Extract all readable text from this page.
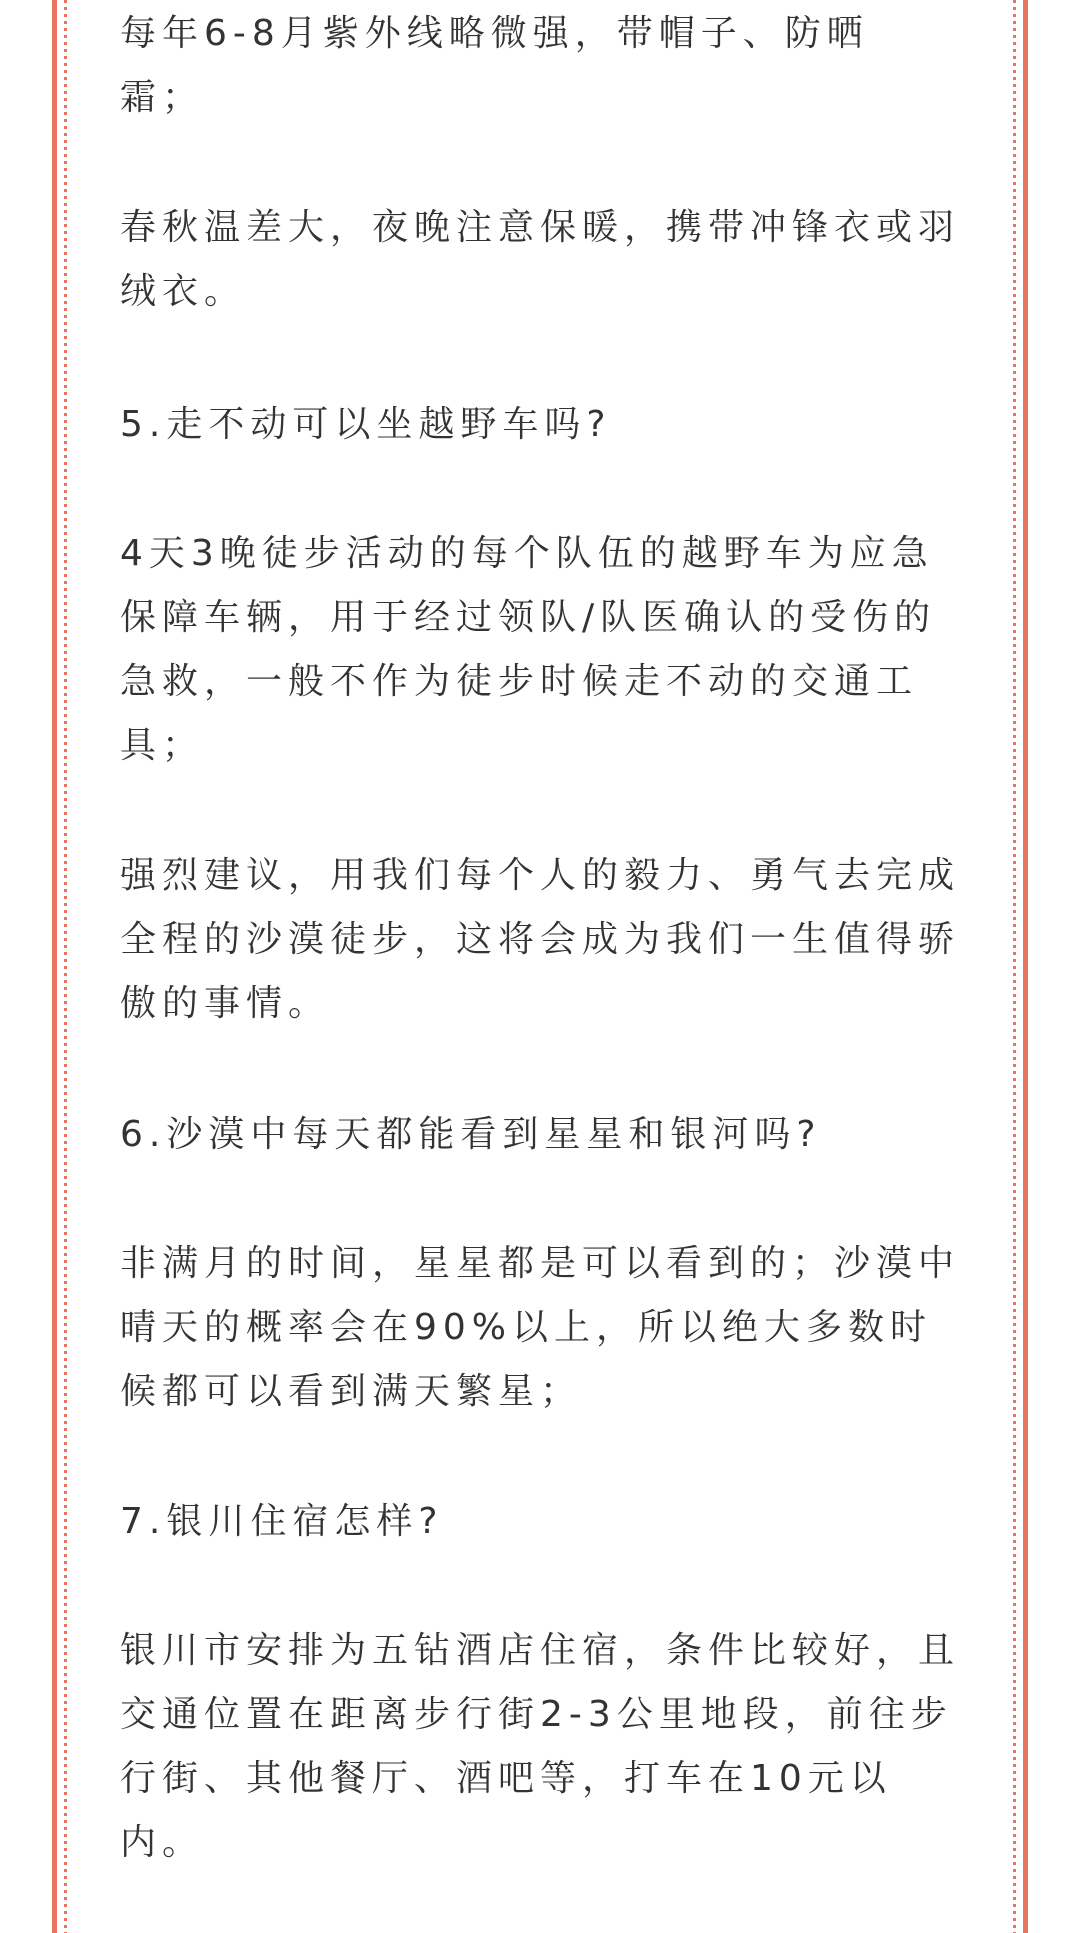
每年6-8月紫外线略微强，带帽子、防晒霜；

春秋温差大，夜晚注意保暖，携带冲锋衣或羽绒衣。

5.走不动可以坐越野车吗?

4天3晚徒步活动的每个队伍的越野车为应急保障车辆，用于经过领队/队医确认的受伤的急救，一般不作为徒步时候走不动的交通工具；

强烈建议，用我们每个人的毅力、勇气去完成全程的沙漠徒步，这将会成为我们一生值得骄傲的事情。

6.沙漠中每天都能看到星星和银河吗?

非满月的时间，星星都是可以看到的；沙漠中晴天的概率会在90%以上，所以绝大多数时候都可以看到满天繁星；

7.银川住宿怎样?

银川市安排为五钻酒店住宿，条件比较好，且交通位置在距离步行街2-3公里地段，前往步行街、其他餐厅、酒吧等，打车在10元以内。
